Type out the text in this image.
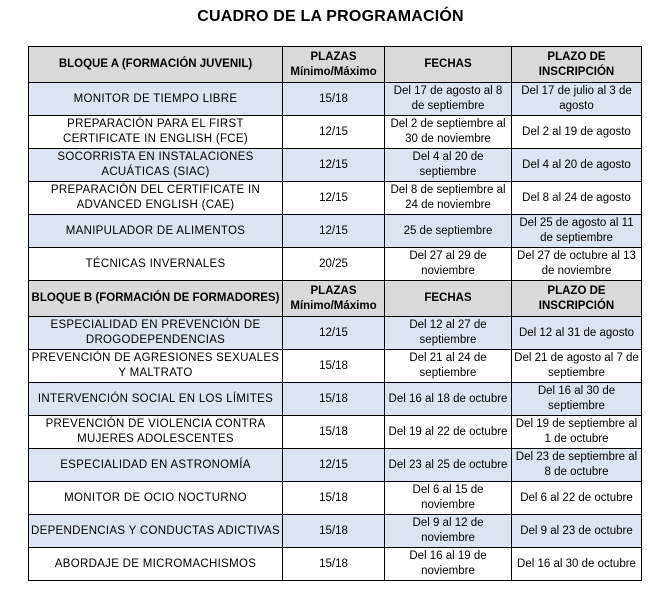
CUADRO DE LA PROGRAMACIÓN
BLOQUE A (FORMACIÓN JUVENIL)	PLAZAS Mínimo/Máximo	FECHAS	PLAZO DE INSCRIPCIÓN
MONITOR DE TIEMPO LIBRE	15/18	Del 17 de agosto al 8 de septiembre	Del 17 de julio al 3 de agosto
PREPARACIÓN PARA EL FIRST CERTIFICATE IN ENGLISH (FCE)	12/15	Del 2 de septiembre al 30 de noviembre	Del 2 al 19 de agosto
SOCORRISTA EN INSTALACIONES ACUÁTICAS (SIAC)	12/15	Del 4 al 20 de septiembre	Del 4 al 20 de agosto
PREPARACIÓN DEL CERTIFICATE IN ADVANCED ENGLISH (CAE)	12/15	Del 8 de septiembre al 24 de noviembre	Del 8 al 24 de agosto
MANIPULADOR DE ALIMENTOS	12/15	25 de septiembre	Del 25 de agosto al 11 de septiembre
TÉCNICAS INVERNALES	20/25	Del 27 al 29 de noviembre	Del 27 de octubre al 13 de noviembre
BLOQUE B (FORMACIÓN DE FORMADORES)	PLAZAS Mínimo/Máximo	FECHAS	PLAZO DE INSCRIPCIÓN
ESPECIALIDAD EN PREVENCIÓN DE DROGODEPENDENCIAS	12/15	Del 12 al 27 de septiembre	Del 12 al 31 de agosto
PREVENCIÓN DE AGRESIONES SEXUALES Y MALTRATO	15/18	Del 21 al 24 de septiembre	Del 21 de agosto al 7 de septiembre
INTERVENCIÓN SOCIAL EN LOS LÍMITES	15/18	Del 16 al 18 de octubre	Del 16 al 30 de septiembre
PREVENCIÓN DE VIOLENCIA CONTRA MUJERES ADOLESCENTES	15/18	Del 19 al 22 de octubre	Del 19 de septiembre al 1 de octubre
ESPECIALIDAD EN ASTRONOMÍA	12/15	Del 23 al 25 de octubre	Del 23 de septiembre al 8 de octubre
MONITOR DE OCIO NOCTURNO	15/18	Del 6 al 15 de noviembre	Del 6 al 22 de octubre
DEPENDENCIAS Y CONDUCTAS ADICTIVAS	15/18	Del 9 al 12 de noviembre	Del 9 al 23 de octubre
ABORDAJE DE MICROMACHISMOS	15/18	Del 16 al 19 de noviembre	Del 16 al 30 de octubre
